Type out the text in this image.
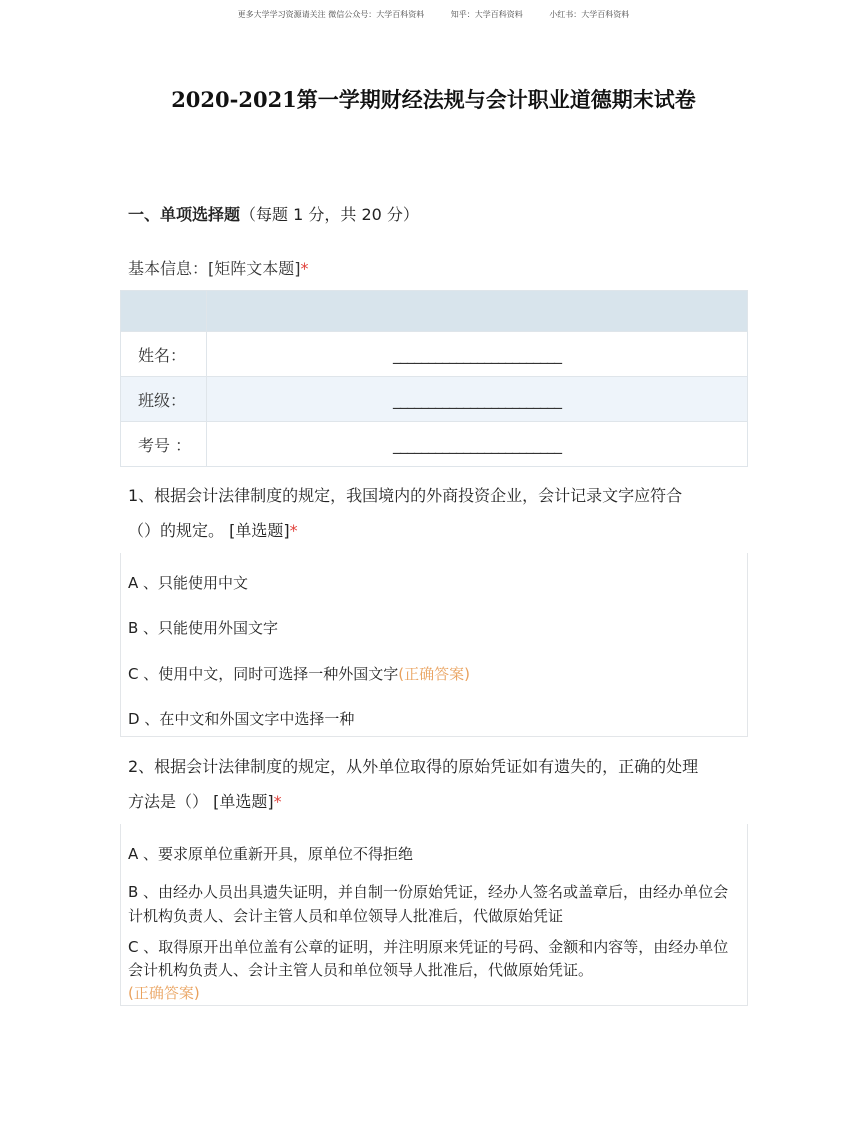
更多大学学习资源请关注 微信公众号：大学百科资料	知乎：大学百科资料	小红书：大学百科资料
2020-2021第一学期财经法规与会计职业道德期末试卷
一、单项选择题（每题 1 分，共 20 分）
基本信息：[矩阵文本题]*

姓名：	________________________
班级：	________________________
考号 ：	________________________
1、根据会计法律制度的规定，我国境内的外商投资企业，会计记录文字应符合
（）的规定。 [单选题]*
A 、只能使用中文
B 、只能使用外国文字
C 、使用中文，同时可选择一种外国文字(正确答案)
D 、在中文和外国文字中选择一种
2、根据会计法律制度的规定，从外单位取得的原始凭证如有遗失的，正确的处理
方法是（） [单选题]*
A 、要求原单位重新开具，原单位不得拒绝
B 、由经办人员出具遗失证明，并自制一份原始凭证，经办人签名或盖章后，由经办单位会计机构负责人、会计主管人员和单位领导人批准后，代做原始凭证
C 、取得原开出单位盖有公章的证明，并注明原来凭证的号码、金额和内容等，由经办单位会计机构负责人、会计主管人员和单位领导人批准后，代做原始凭证。
(正确答案)
